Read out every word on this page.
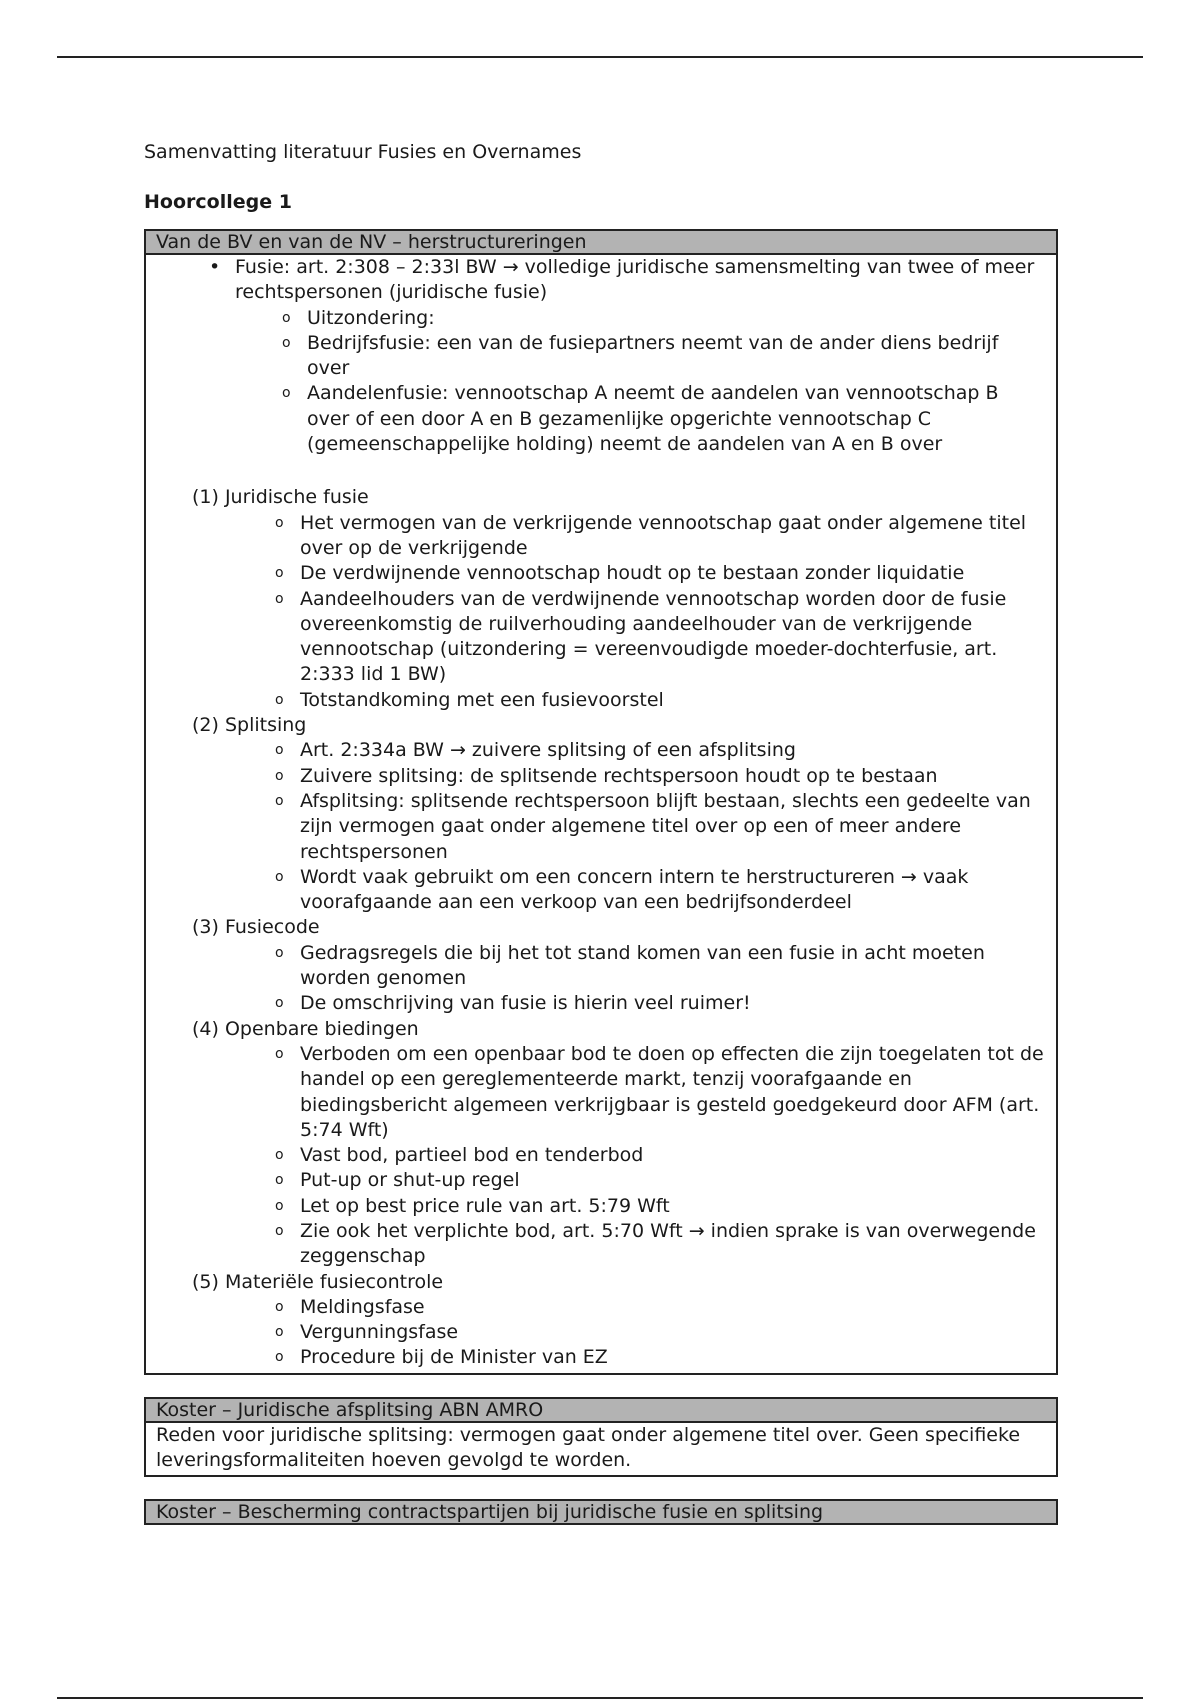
Samenvatting literatuur Fusies en Overnames
Hoorcollege 1
Van de BV en van de NV – herstructureringen
• Fusie: art. 2:308 – 2:33l BW → volledige juridische samensmelting van twee of meer rechtspersonen (juridische fusie)
o Uitzondering:
o Bedrijfsfusie: een van de fusiepartners neemt van de ander diens bedrijf over
o Aandelenfusie: vennootschap A neemt de aandelen van vennootschap B over of een door A en B gezamenlijke opgerichte vennootschap C (gemeenschappelijke holding) neemt de aandelen van A en B over
(1) Juridische fusie
o Het vermogen van de verkrijgende vennootschap gaat onder algemene titel over op de verkrijgende
o De verdwijnende vennootschap houdt op te bestaan zonder liquidatie
o Aandeelhouders van de verdwijnende vennootschap worden door de fusie overeenkomstig de ruilverhouding aandeelhouder van de verkrijgende vennootschap (uitzondering = vereenvoudigde moeder-dochterfusie, art. 2:333 lid 1 BW)
o Totstandkoming met een fusievoorstel
(2) Splitsing
o Art. 2:334a BW → zuivere splitsing of een afsplitsing
o Zuivere splitsing: de splitsende rechtspersoon houdt op te bestaan
o Afsplitsing: splitsende rechtspersoon blijft bestaan, slechts een gedeelte van zijn vermogen gaat onder algemene titel over op een of meer andere rechtspersonen
o Wordt vaak gebruikt om een concern intern te herstructureren → vaak voorafgaande aan een verkoop van een bedrijfsonderdeel
(3) Fusiecode
o Gedragsregels die bij het tot stand komen van een fusie in acht moeten worden genomen
o De omschrijving van fusie is hierin veel ruimer!
(4) Openbare biedingen
o Verboden om een openbaar bod te doen op effecten die zijn toegelaten tot de handel op een gereglementeerde markt, tenzij voorafgaande en biedingsbericht algemeen verkrijgbaar is gesteld goedgekeurd door AFM (art. 5:74 Wft)
o Vast bod, partieel bod en tenderbod
o Put-up or shut-up regel
o Let op best price rule van art. 5:79 Wft
o Zie ook het verplichte bod, art. 5:70 Wft → indien sprake is van overwegende zeggenschap
(5) Materiële fusiecontrole
o Meldingsfase
o Vergunningsfase
o Procedure bij de Minister van EZ
Koster – Juridische afsplitsing ABN AMRO
Reden voor juridische splitsing: vermogen gaat onder algemene titel over. Geen specifieke leveringsformaliteiten hoeven gevolgd te worden.
Koster – Bescherming contractspartijen bij juridische fusie en splitsing
